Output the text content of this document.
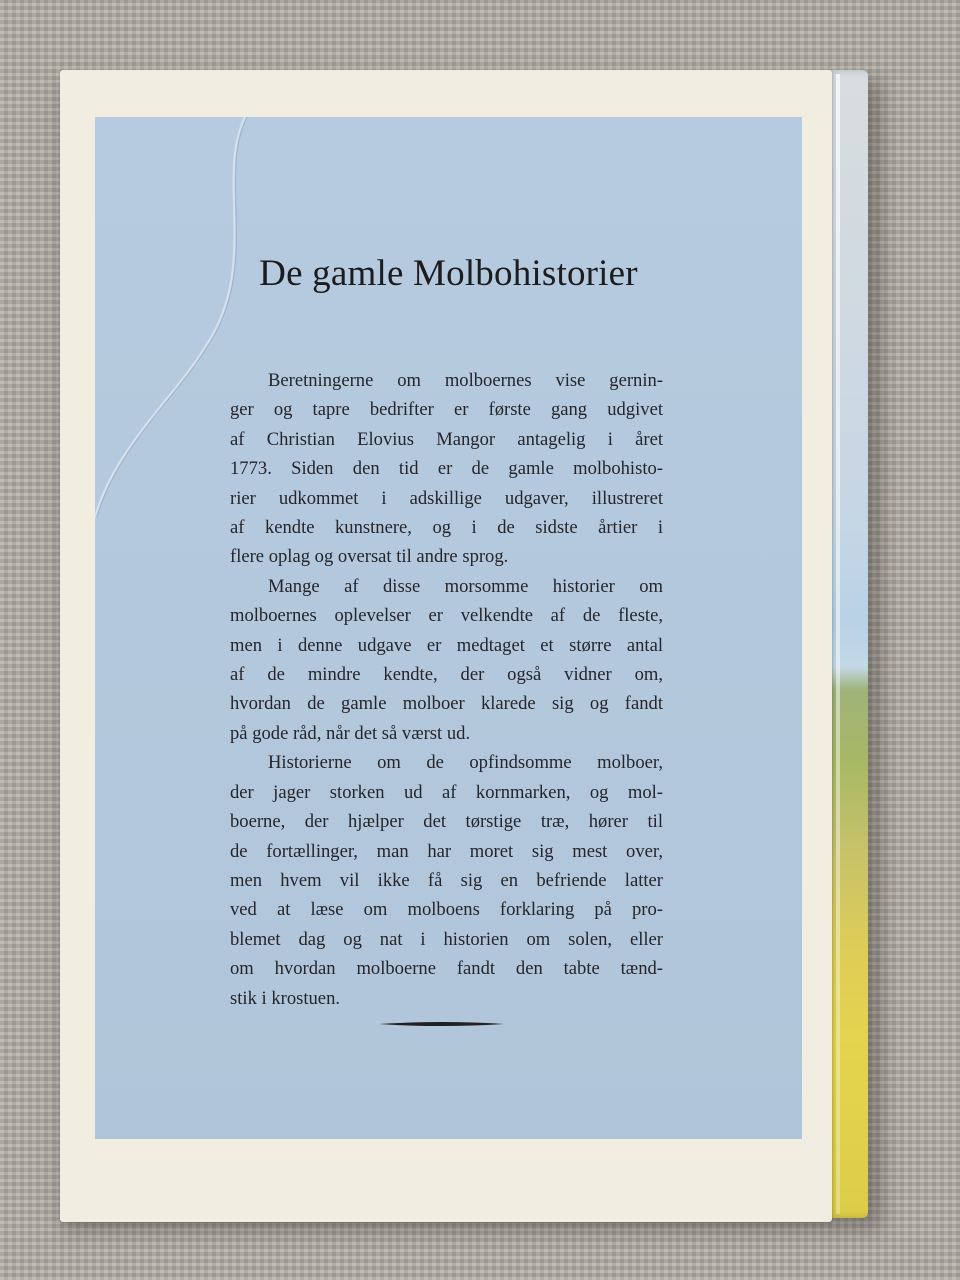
De gamle Molbohistorier
Beretningerne om molboernes vise gernin-
ger og tapre bedrifter er første gang udgivet
af Christian Elovius Mangor antagelig i året
1773. Siden den tid er de gamle molbohisto-
rier udkommet i adskillige udgaver, illustreret
af kendte kunstnere, og i de sidste årtier i
flere oplag og oversat til andre sprog.
Mange af disse morsomme historier om
molboernes oplevelser er velkendte af de fleste,
men i denne udgave er medtaget et større antal
af de mindre kendte, der også vidner om,
hvordan de gamle molboer klarede sig og fandt
på gode råd, når det så værst ud.
Historierne om de opfindsomme molboer,
der jager storken ud af kornmarken, og mol-
boerne, der hjælper det tørstige træ, hører til
de fortællinger, man har moret sig mest over,
men hvem vil ikke få sig en befriende latter
ved at læse om molboens forklaring på pro-
blemet dag og nat i historien om solen, eller
om hvordan molboerne fandt den tabte tænd-
stik i krostuen.
